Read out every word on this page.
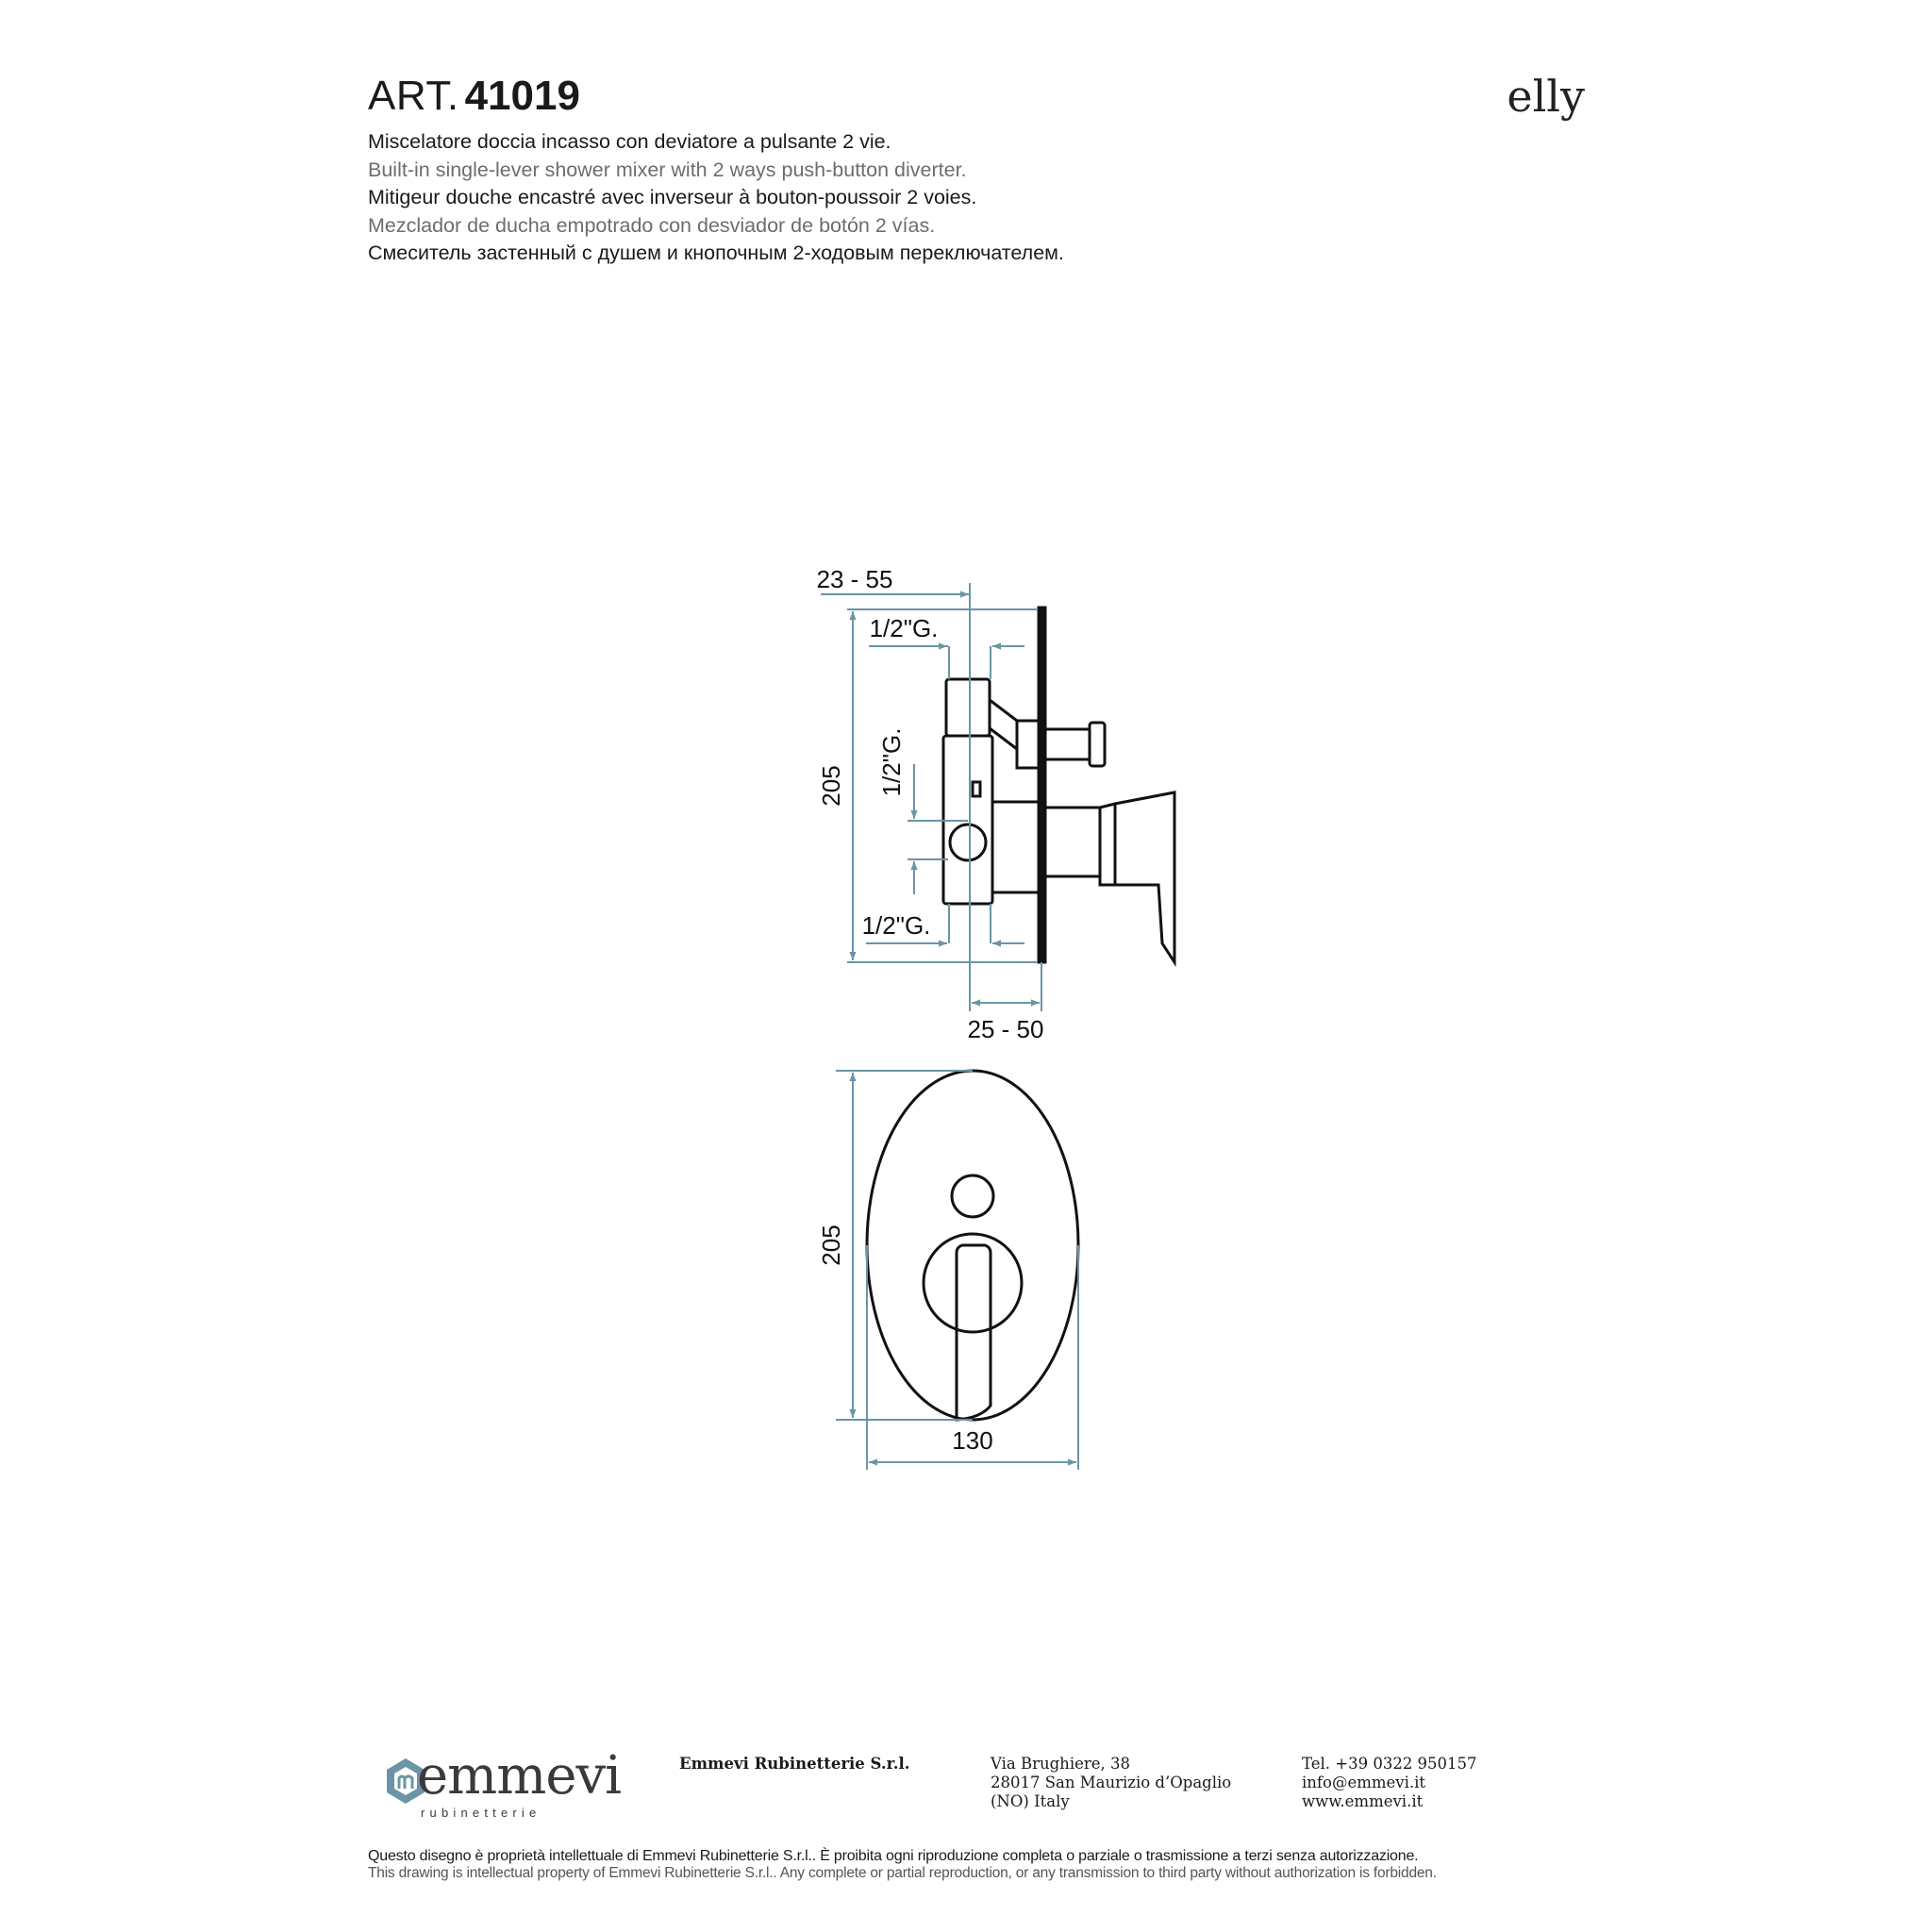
ART. 41019	elly
Miscelatore doccia incasso con deviatore a pulsante 2 vie.
Built-in single-lever shower mixer with 2 ways push-button diverter.
Mitigeur douche encastré avec inverseur à bouton-poussoir 2 voies.
Mezclador de ducha empotrado con desviador de botón 2 vías.
Смеситель застенный с душем и кнопочным 2-ходовым переключателем.
23 - 55
1/2"G.
205 1/2"G.
1/2"G.
25 - 50
205
130
emmevi
rubinetterie
Emmevi Rubinetterie S.r.l.	Via Brughiere, 38
28017 San Maurizio d’Opaglio
(NO) Italy
Tel. +39 0322 950157
info@emmevi.it
www.emmevi.it
Questo disegno è proprietà intellettuale di Emmevi Rubinetterie S.r.l.. È proibita ogni riproduzione completa o parziale o trasmissione a terzi senza autorizzazione.
This drawing is intellectual property of Emmevi Rubinetterie S.r.l.. Any complete or partial reproduction, or any transmission to third party without authorization is forbidden.
